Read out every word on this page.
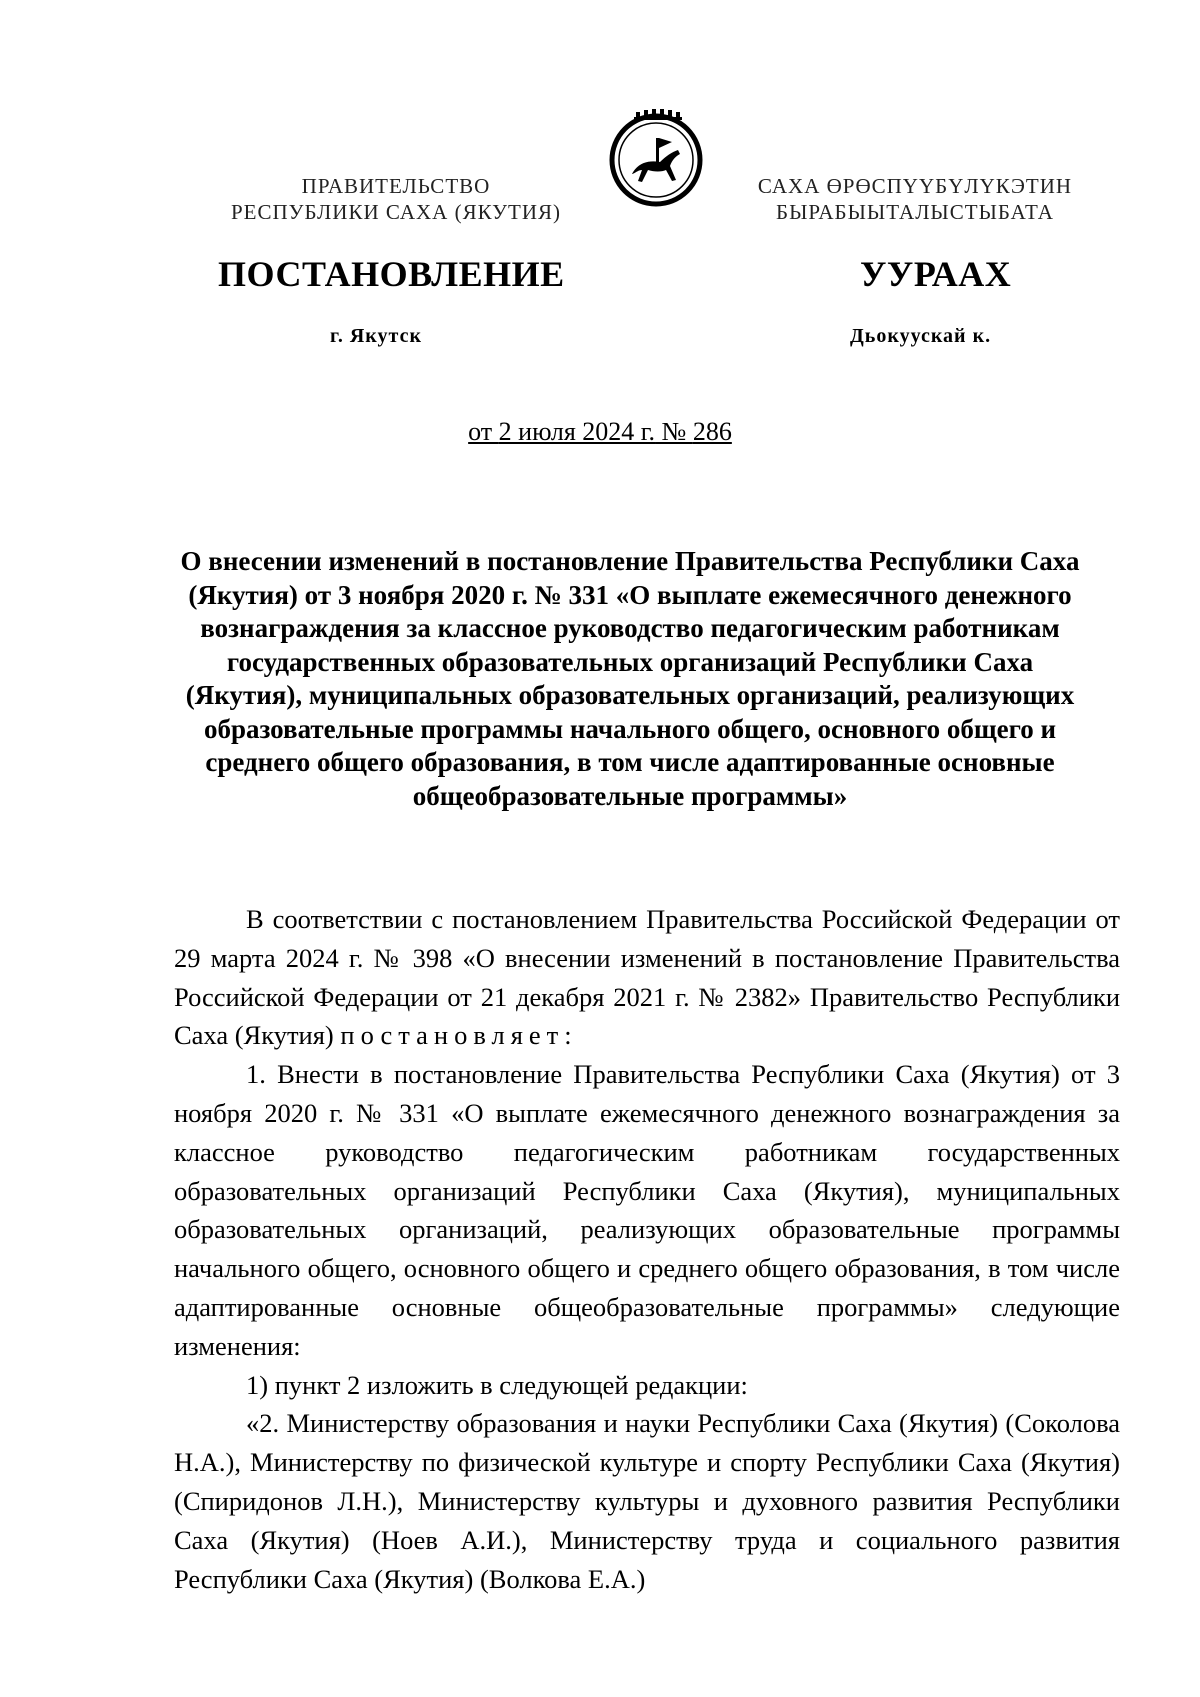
ПРАВИТЕЛЬСТВО
РЕСПУБЛИКИ САХА (ЯКУТИЯ)
САХА ӨРӨСПҮҮБҮЛҮКЭТИН
БЫРАБЫЫТАЛЫСТЫБАТА
ПОСТАНОВЛЕНИЕ	УУРААХ
г. Якутск	Дьокуускай к.
от 2 июля 2024 г. № 286
О внесении изменений в постановление Правительства Республики Саха (Якутия) от 3 ноября 2020 г. № 331 «О выплате ежемесячного денежного вознаграждения за классное руководство педагогическим работникам государственных образовательных организаций Республики Саха (Якутия), муниципальных образовательных организаций, реализующих образовательные программы начального общего, основного общего и среднего общего образования, в том числе адаптированные основные общеобразовательные программы»

В соответствии с постановлением Правительства Российской Федерации от 29 марта 2024 г. № 398 «О внесении изменений в постановление Правительства Российской Федерации от 21 декабря 2021 г. № 2382» Правительство Республики Саха (Якутия) постановляет:

1. Внести в постановление Правительства Республики Саха (Якутия) от 3 ноября 2020 г. № 331 «О выплате ежемесячного денежного вознаграждения за классное руководство педагогическим работникам государственных образовательных организаций Республики Саха (Якутия), муниципальных образовательных организаций, реализующих образовательные программы начального общего, основного общего и среднего общего образования, в том числе адаптированные основные общеобразовательные программы» следующие изменения:

1) пункт 2 изложить в следующей редакции:

«2. Министерству образования и науки Республики Саха (Якутия) (Соколова Н.А.), Министерству по физической культуре и спорту Республики Саха (Якутия) (Спиридонов Л.Н.), Министерству культуры и духовного развития Республики Саха (Якутия) (Ноев А.И.), Министерству труда и социального развития Республики Саха (Якутия) (Волкова Е.А.)
